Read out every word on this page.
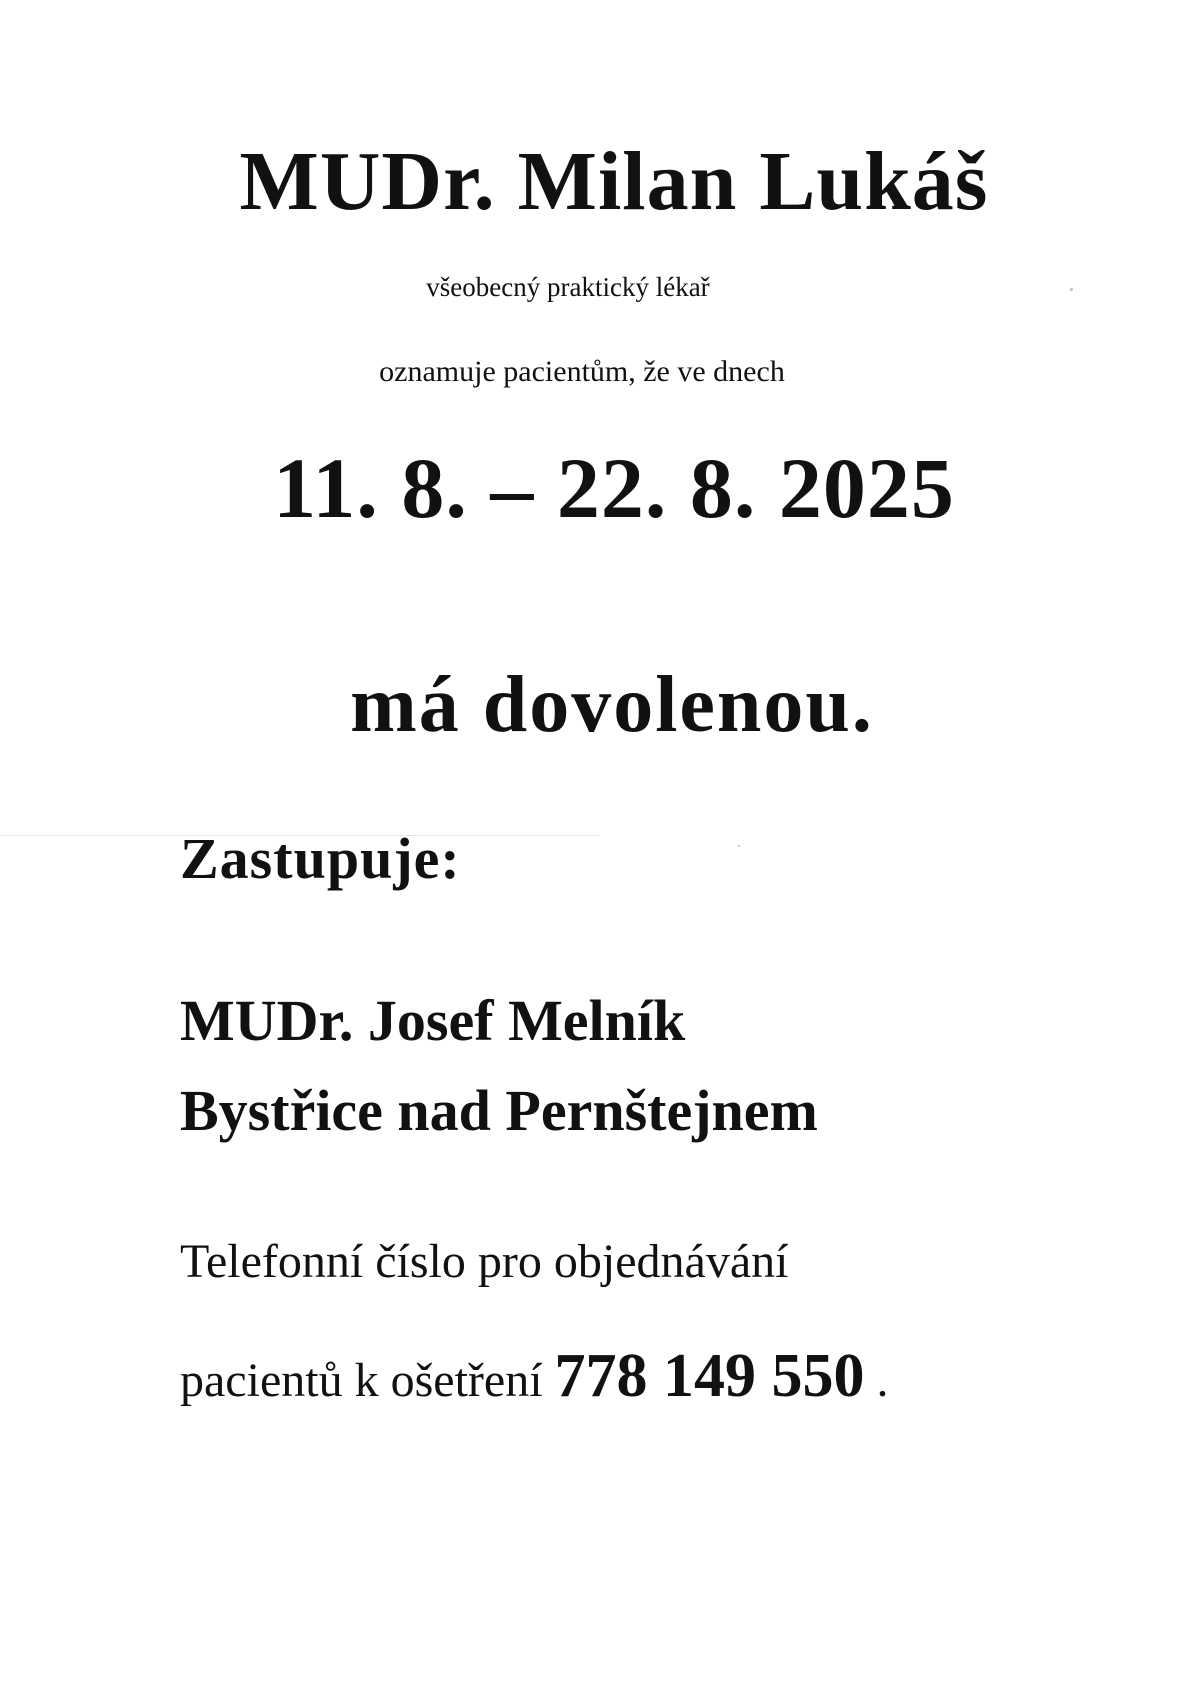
MUDr. Milan Lukáš
všeobecný praktický lékař
oznamuje pacientům, že ve dnech
11. 8. – 22. 8. 2025
má dovolenou.
Zastupuje:
MUDr. Josef Melník
Bystřice nad Pernštejnem
Telefonní číslo pro objednávání
pacientů k ošetření 778 149 550 .
